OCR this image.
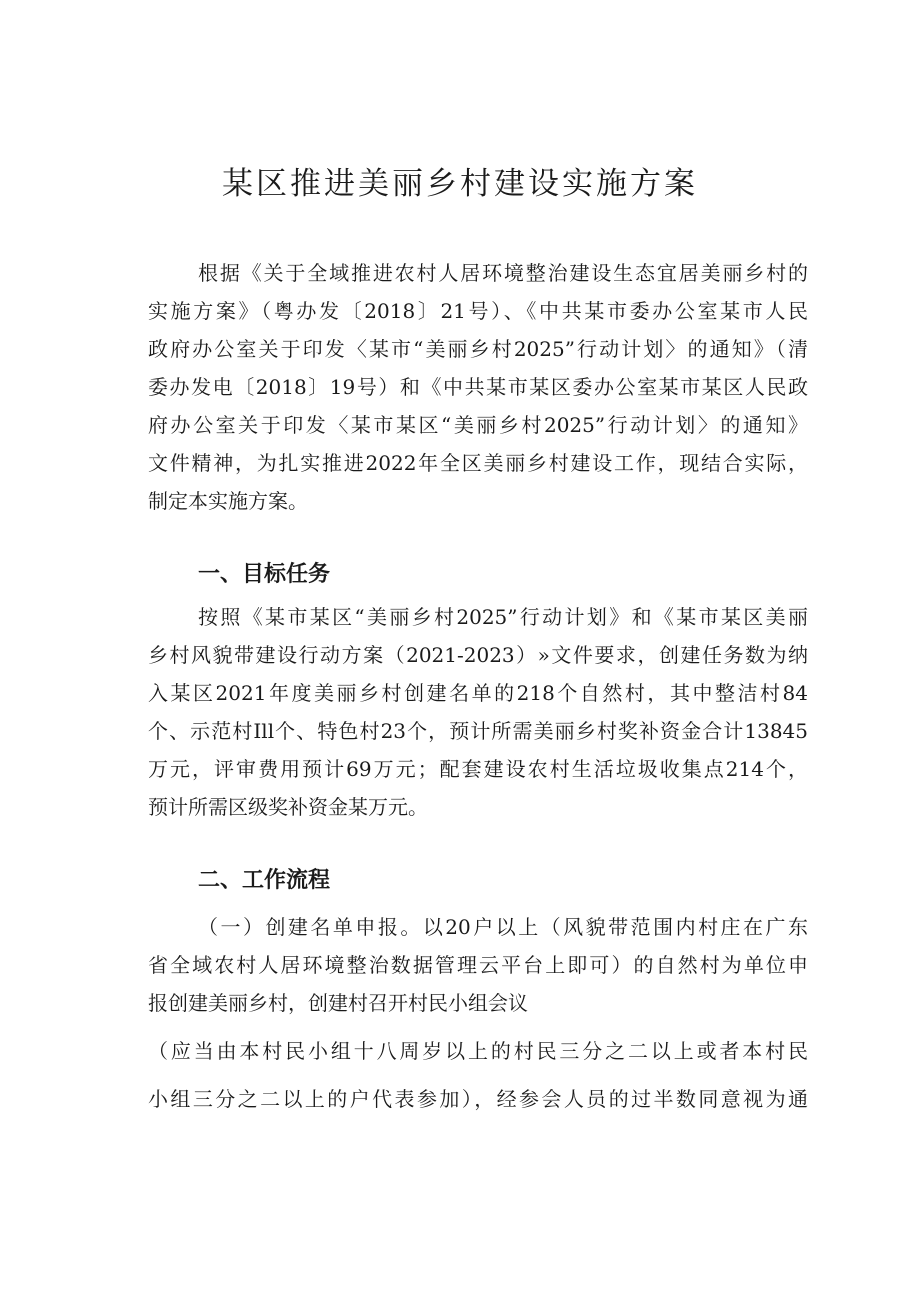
某区推进美丽乡村建设实施方案

根据《关于全域推进农村人居环境整治建设生态宜居美丽乡村的

实施方案》（粤办发〔2018〕21号）、《中共某市委办公室某市人民

政府办公室关于印发〈某市“美丽乡村2025”行动计划〉的通知》（清

委办发电〔2018〕19号）和《中共某市某区委办公室某市某区人民政

府办公室关于印发〈某市某区“美丽乡村2025”行动计划〉的通知》

文件精神，为扎实推进2022年全区美丽乡村建设工作，现结合实际，

制定本实施方案。

一、目标任务

按照《某市某区“美丽乡村2025”行动计划》和《某市某区美丽

乡村风貌带建设行动方案（2021-2023）»文件要求，创建任务数为纳

入某区2021年度美丽乡村创建名单的218个自然村，其中整洁村84

个、示范村Ill个、特色村23个，预计所需美丽乡村奖补资金合计13845

万元，评审费用预计69万元；配套建设农村生活垃圾收集点214个，

预计所需区级奖补资金某万元。

二、工作流程

（一）创建名单申报。以20户以上（风貌带范围内村庄在广东

省全域农村人居环境整治数据管理云平台上即可）的自然村为单位申

报创建美丽乡村，创建村召开村民小组会议

（应当由本村民小组十八周岁以上的村民三分之二以上或者本村民

小组三分之二以上的户代表参加），经参会人员的过半数同意视为通
